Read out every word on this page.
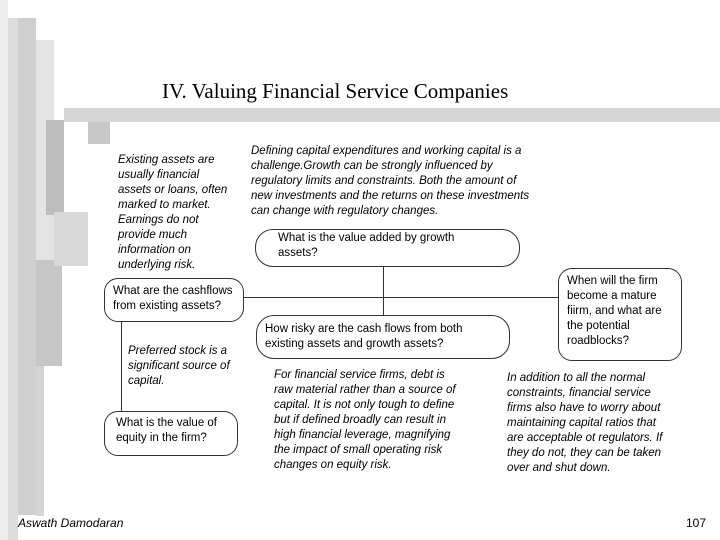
IV. Valuing Financial Service Companies
Existing assets are
usually financial
assets or loans, often
marked to market.
Earnings do not
provide much
information on
underlying risk.
Defining capital expenditures and working capital is a
challenge.Growth can be strongly influenced by
regulatory limits and constraints. Both the amount of
new investments and the returns on these investments
can change with regulatory changes.
Preferred stock is a
significant source of
capital.	For financial service firms, debt is
raw material rather than a source of
capital. It is not only tough to define
but if defined broadly can result in
high financial leverage, magnifying
the impact of small operating risk
changes on equity risk.
In addition to all the normal
constraints, financial service
firms also have to worry about
maintaining capital ratios that
are acceptable ot regulators. If
they do not, they can be taken
over and shut down.
What is the value added by growth
assets?
What are the cashflows
from existing assets?
How risky are the cash flows from both
existing assets and growth assets?
When will the firm
become a mature
fiirm, and what are
the potential
roadblocks?
What is the value of
equity in the firm?
Aswath Damodaran	107
